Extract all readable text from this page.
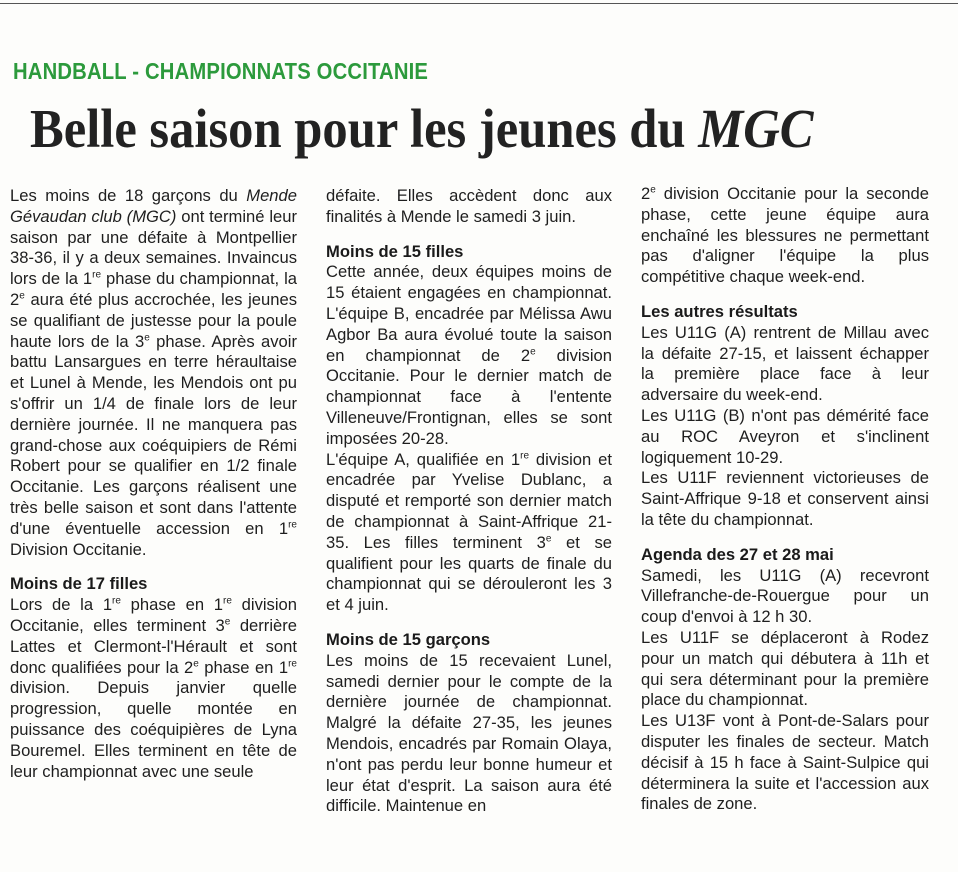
HANDBALL - CHAMPIONNATS OCCITANIE
Belle saison pour les jeunes du MGC

Les moins de 18 garçons du Mende Gévaudan club (MGC) ont terminé leur saison par une défaite à Montpellier 38-36, il y a deux semaines. Invaincus lors de la 1re phase du championnat, la 2e aura été plus accrochée, les jeunes se qualifiant de justesse pour la poule haute lors de la 3e phase. Après avoir battu Lansargues en terre héraultaise et Lunel à Mende, les Mendois ont pu s'offrir un 1/4 de finale lors de leur dernière journée. Il ne manquera pas grand-chose aux coéquipiers de Rémi Robert pour se qualifier en 1/2 finale Occitanie. Les garçons réalisent une très belle saison et sont dans l'attente d'une éventuelle accession en 1re Division Occitanie.

Moins de 17 filles

Lors de la 1re phase en 1re division Occitanie, elles terminent 3e derrière Lattes et Clermont-l'Hérault et sont donc qualifiées pour la 2e phase en 1re division. Depuis janvier quelle progression, quelle montée en puissance des coéquipières de Lyna Bouremel. Elles terminent en tête de leur championnat avec une seule

défaite. Elles accèdent donc aux finalités à Mende le samedi 3 juin.

Moins de 15 filles

Cette année, deux équipes moins de 15 étaient engagées en championnat. L'équipe B, encadrée par Mélissa Awu Agbor Ba aura évolué toute la saison en championnat de 2e division Occitanie. Pour le dernier match de championnat face à l'entente Villeneuve/Frontignan, elles se sont imposées 20-28.

L'équipe A, qualifiée en 1re division et encadrée par Yvelise Dublanc, a disputé et remporté son dernier match de championnat à Saint-Affrique 21-35. Les filles terminent 3e et se qualifient pour les quarts de finale du championnat qui se dérouleront les 3 et 4 juin.

Moins de 15 garçons

Les moins de 15 recevaient Lunel, samedi dernier pour le compte de la dernière journée de championnat. Malgré la défaite 27-35, les jeunes Mendois, encadrés par Romain Olaya, n'ont pas perdu leur bonne humeur et leur état d'esprit. La saison aura été difficile. Maintenue en

2e division Occitanie pour la seconde phase, cette jeune équipe aura enchaîné les blessures ne permettant pas d'aligner l'équipe la plus compétitive chaque week-end.

Les autres résultats

Les U11G (A) rentrent de Millau avec la défaite 27-15, et laissent échapper la première place face à leur adversaire du week-end.

Les U11G (B) n'ont pas démérité face au ROC Aveyron et s'inclinent logiquement 10-29.

Les U11F reviennent victorieuses de Saint-Affrique 9-18 et conservent ainsi la tête du championnat.

Agenda des 27 et 28 mai

Samedi, les U11G (A) recevront Villefranche-de-Rouergue pour un coup d'envoi à 12 h 30.

Les U11F se déplaceront à Rodez pour un match qui débutera à 11h et qui sera déterminant pour la première place du championnat.

Les U13F vont à Pont-de-Salars pour disputer les finales de secteur. Match décisif à 15 h face à Saint-Sulpice qui déterminera la suite et l'accession aux finales de zone.
